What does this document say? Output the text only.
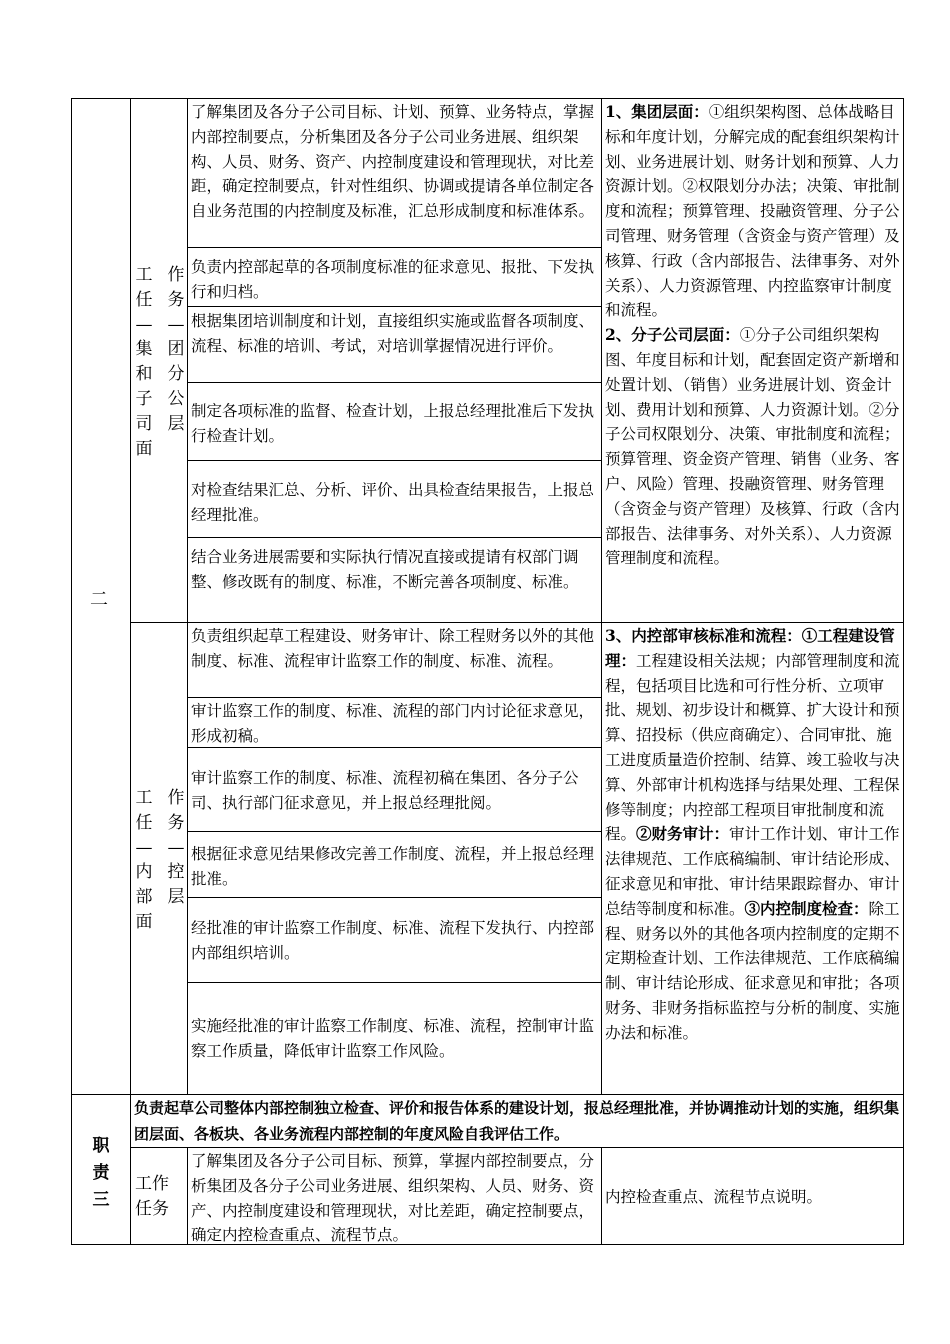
二
工任—集和子司面
作务—团分公层
了解集团及各分子公司目标、计划、预算、业务特点，掌握内部控制要点，分析集团及各分子公司业务进展、组织架构、人员、财务、资产、内控制度建设和管理现状，对比差距，确定控制要点，针对性组织、协调或提请各单位制定各自业务范围的内控制度及标准，汇总形成制度和标准体系。
负责内控部起草的各项制度标准的征求意见、报批、下发执行和归档。
根据集团培训制度和计划，直接组织实施或监督各项制度、流程、标准的培训、考试，对培训掌握情况进行评价。
制定各项标准的监督、检查计划，上报总经理批准后下发执行检查计划。
对检查结果汇总、分析、评价、出具检查结果报告，上报总经理批准。
结合业务进展需要和实际执行情况直接或提请有权部门调整、修改既有的制度、标准，不断完善各项制度、标准。
1、集团层面：①组织架构图、总体战略目标和年度计划，分解完成的配套组织架构计划、业务进展计划、财务计划和预算、人力资源计划。②权限划分办法；决策、审批制度和流程；预算管理、投融资管理、分子公司管理、财务管理（含资金与资产管理）及核算、行政（含内部报告、法律事务、对外关系）、人力资源管理、内控监察审计制度和流程。
2、分子公司层面：①分子公司组织架构图、年度目标和计划，配套固定资产新增和处置计划、（销售）业务进展计划、资金计划、费用计划和预算、人力资源计划。②分子公司权限划分、决策、审批制度和流程；预算管理、资金资产管理、销售（业务、客户、风险）管理、投融资管理、财务管理（含资金与资产管理）及核算、行政（含内部报告、法律事务、对外关系）、人力资源管理制度和流程。
工任—内部面
作务—控层
负责组织起草工程建设、财务审计、除工程财务以外的其他制度、标准、流程审计监察工作的制度、标准、流程。
审计监察工作的制度、标准、流程的部门内讨论征求意见，形成初稿。
审计监察工作的制度、标准、流程初稿在集团、各分子公司、执行部门征求意见，并上报总经理批阅。
根据征求意见结果修改完善工作制度、流程，并上报总经理批准。
经批准的审计监察工作制度、标准、流程下发执行、内控部内部组织培训。
实施经批准的审计监察工作制度、标准、流程，控制审计监察工作质量，降低审计监察工作风险。
3、内控部审核标准和流程：①工程建设管理：工程建设相关法规；内部管理制度和流程，包括项目比选和可行性分析、立项审批、规划、初步设计和概算、扩大设计和预算、招投标（供应商确定）、合同审批、施工进度质量造价控制、结算、竣工验收与决算、外部审计机构选择与结果处理、工程保修等制度；内控部工程项目审批制度和流程。②财务审计：审计工作计划、审计工作法律规范、工作底稿编制、审计结论形成、征求意见和审批、审计结果跟踪督办、审计总结等制度和标准。③内控制度检查：除工程、财务以外的其他各项内控制度的定期不定期检查计划、工作法律规范、工作底稿编制、审计结论形成、征求意见和审批；各项财务、非财务指标监控与分析的制度、实施办法和标准。
职责三
负责起草公司整体内部控制独立检查、评价和报告体系的建设计划，报总经理批准，并协调推动计划的实施，组织集团层面、各板块、各业务流程内部控制的年度风险自我评估工作。
工作任务
了解集团及各分子公司目标、预算，掌握内部控制要点，分析集团及各分子公司业务进展、组织架构、人员、财务、资产、内控制度建设和管理现状，对比差距，确定控制要点，确定内控检查重点、流程节点。
内控检查重点、流程节点说明。
